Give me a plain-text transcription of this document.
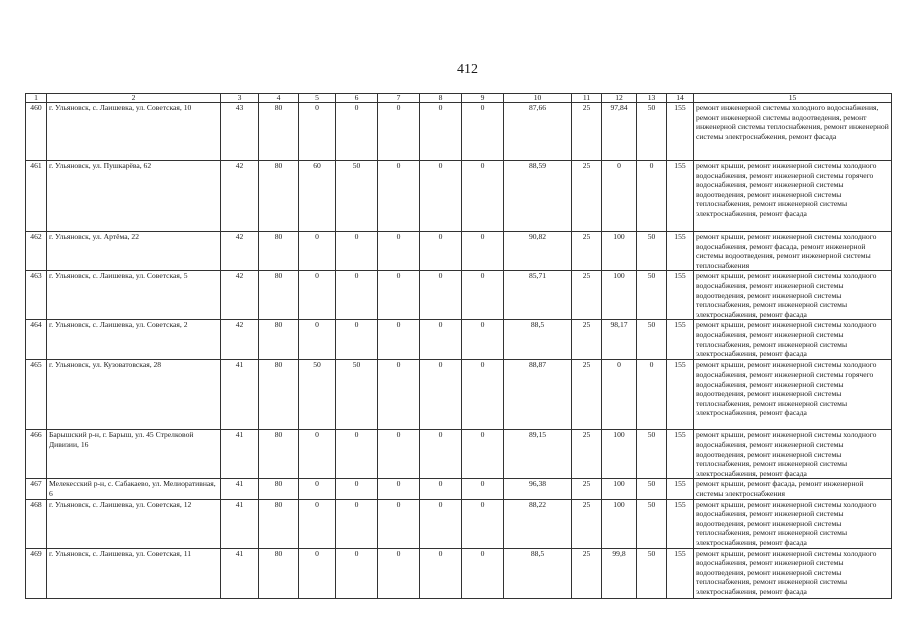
412
1	2	3	4	5	6	7	8	9	10	11	12	13	14	15
460	г. Ульяновск, с. Лаишевка, ул. Советская, 10	43	80	0	0	0	0	0	87,66	25	97,84	50	155	ремонт инженерной системы холодного водоснабжения, ремонт инженерной системы водоотведения, ремонт инженерной системы теплоснабжения, ремонт инженерной системы электроснабжения, ремонт фасада
461	г. Ульяновск, ул. Пушкарёва, 62	42	80	60	50	0	0	0	88,59	25	0	0	155	ремонт крыши, ремонт инженерной системы холодного водоснабжения, ремонт инженерной системы горячего водоснабжения, ремонт инженерной системы водоотведения, ремонт инженерной системы теплоснабжения, ремонт инженерной системы электроснабжения, ремонт фасада
462	г. Ульяновск, ул. Артёма, 22	42	80	0	0	0	0	0	90,82	25	100	50	155	ремонт крыши, ремонт инженерной системы холодного водоснабжения, ремонт фасада, ремонт инженерной системы водоотведения, ремонт инженерной системы теплоснабжения
463	г. Ульяновск, с. Лаишевка, ул. Советская, 5	42	80	0	0	0	0	0	85,71	25	100	50	155	ремонт крыши, ремонт инженерной системы холодного водоснабжения, ремонт инженерной системы водоотведения, ремонт инженерной системы теплоснабжения, ремонт инженерной системы электроснабжения, ремонт фасада
464	г. Ульяновск, с. Лаишевка, ул. Советская, 2	42	80	0	0	0	0	0	88,5	25	98,17	50	155	ремонт крыши, ремонт инженерной системы холодного водоснабжения, ремонт инженерной системы теплоснабжения, ремонт инженерной системы электроснабжения, ремонт фасада
465	г. Ульяновск, ул. Кузоватовская, 28	41	80	50	50	0	0	0	88,87	25	0	0	155	ремонт крыши, ремонт инженерной системы холодного водоснабжения, ремонт инженерной системы горячего водоснабжения, ремонт инженерной системы водоотведения, ремонт инженерной системы теплоснабжения, ремонт инженерной системы электроснабжения, ремонт фасада
466	Барышский р-н, г. Барыш, ул. 45 Стрелковой Дивизии, 16	41	80	0	0	0	0	0	89,15	25	100	50	155	ремонт крыши, ремонт инженерной системы холодного водоснабжения, ремонт инженерной системы водоотведения, ремонт инженерной системы теплоснабжения, ремонт инженерной системы электроснабжения, ремонт фасада
467	Мелекесский р-н, с. Сабакаево, ул. Мелиоративная, 6	41	80	0	0	0	0	0	96,38	25	100	50	155	ремонт крыши, ремонт фасада, ремонт инженерной системы электроснабжения
468	г. Ульяновск, с. Лаишевка, ул. Советская, 12	41	80	0	0	0	0	0	88,22	25	100	50	155	ремонт крыши, ремонт инженерной системы холодного водоснабжения, ремонт инженерной системы водоотведения, ремонт инженерной системы теплоснабжения, ремонт инженерной системы электроснабжения, ремонт фасада
469	г. Ульяновск, с. Лаишевка, ул. Советская, 11	41	80	0	0	0	0	0	88,5	25	99,8	50	155	ремонт крыши, ремонт инженерной системы холодного водоснабжения, ремонт инженерной системы водоотведения, ремонт инженерной системы теплоснабжения, ремонт инженерной системы электроснабжения, ремонт фасада
